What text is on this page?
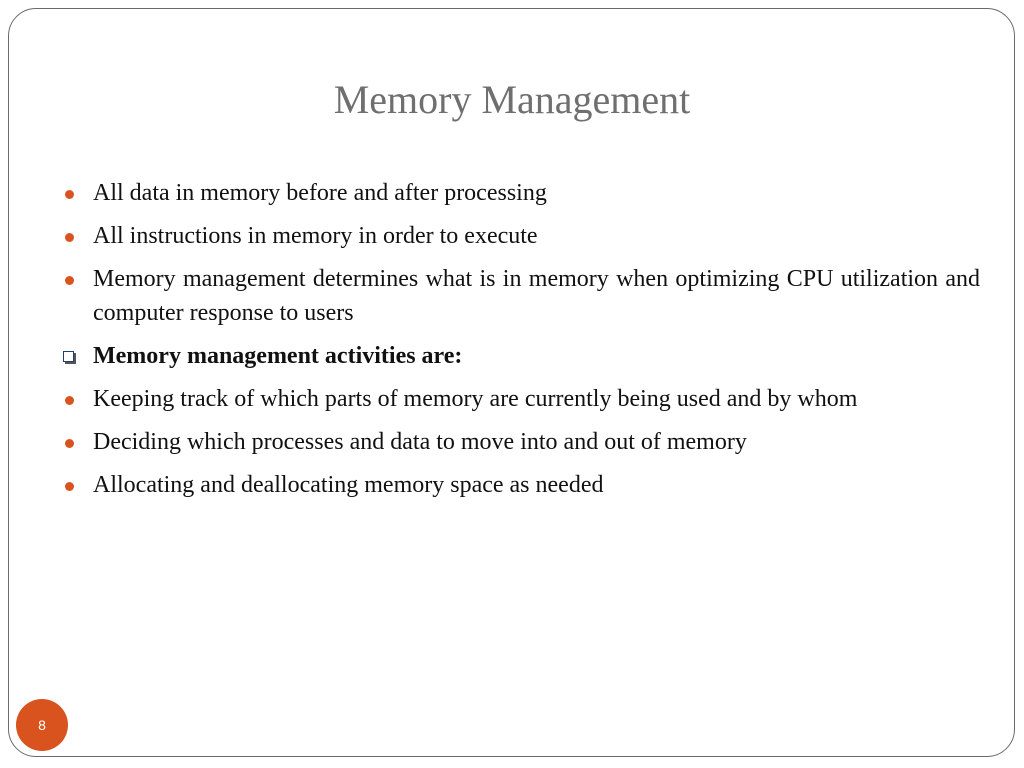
Memory Management
All data in memory before and after processing
All instructions in memory in order to execute
Memory management determines what is in memory when optimizing CPU utilization and computer response to users
Memory management activities are:
Keeping track of which parts of memory are currently being used and by whom
Deciding which processes and data to move into and out of memory
Allocating and deallocating memory space as needed
8
